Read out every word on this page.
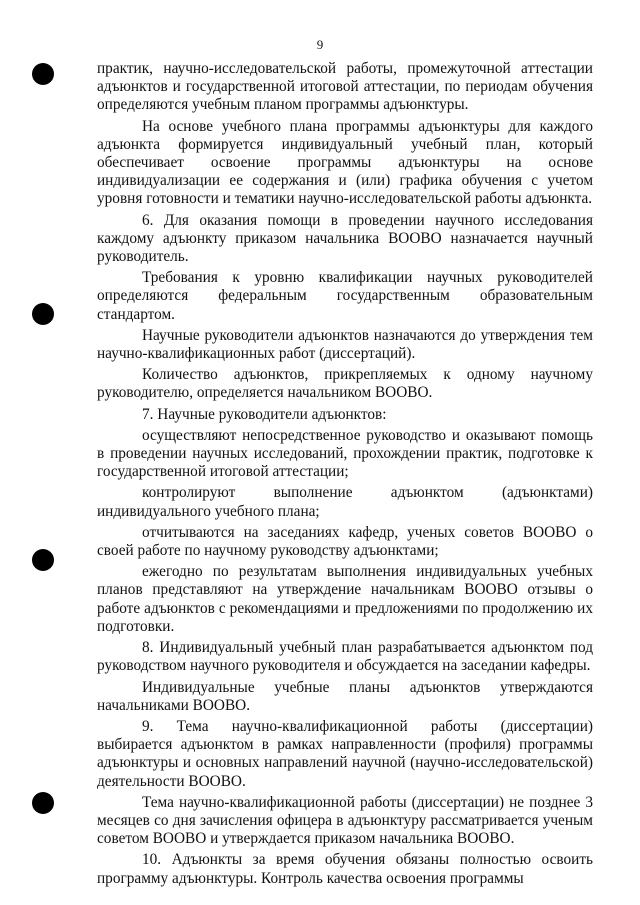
9

практик, научно-исследовательской работы, промежуточной аттестации адъюнктов и государственной итоговой аттестации, по периодам обучения определяются учебным планом программы адъюнктуры.

На основе учебного плана программы адъюнктуры для каждого адъюнкта формируется индивидуальный учебный план, который обеспечивает освоение программы адъюнктуры на основе индивидуализации ее содержания и (или) графика обучения с учетом уровня готовности и тематики научно-исследовательской работы адъюнкта.

6. Для оказания помощи в проведении научного исследования каждому адъюнкту приказом начальника ВООВО назначается научный руководитель.

Требования к уровню квалификации научных руководителей определяются федеральным государственным образовательным стандартом.

Научные руководители адъюнктов назначаются до утверждения тем научно-квалификационных работ (диссертаций).

Количество адъюнктов, прикрепляемых к одному научному руководителю, определяется начальником ВООВО.

7. Научные руководители адъюнктов:

осуществляют непосредственное руководство и оказывают помощь в проведении научных исследований, прохождении практик, подготовке к государственной итоговой аттестации;

контролируют выполнение адъюнктом (адъюнктами) индивидуального учебного плана;

отчитываются на заседаниях кафедр, ученых советов ВООВО о своей работе по научному руководству адъюнктами;

ежегодно по результатам выполнения индивидуальных учебных планов представляют на утверждение начальникам ВООВО отзывы о работе адъюнктов с рекомендациями и предложениями по продолжению их подготовки.

8. Индивидуальный учебный план разрабатывается адъюнктом под руководством научного руководителя и обсуждается на заседании кафедры.

Индивидуальные учебные планы адъюнктов утверждаются начальниками ВООВО.

9. Тема научно-квалификационной работы (диссертации) выбирается адъюнктом в рамках направленности (профиля) программы адъюнктуры и основных направлений научной (научно-исследовательской) деятельности ВООВО.

Тема научно-квалификационной работы (диссертации) не позднее 3 месяцев со дня зачисления офицера в адъюнктуру рассматривается ученым советом ВООВО и утверждается приказом начальника ВООВО.

10. Адъюнкты за время обучения обязаны полностью освоить программу адъюнктуры. Контроль качества освоения программы
